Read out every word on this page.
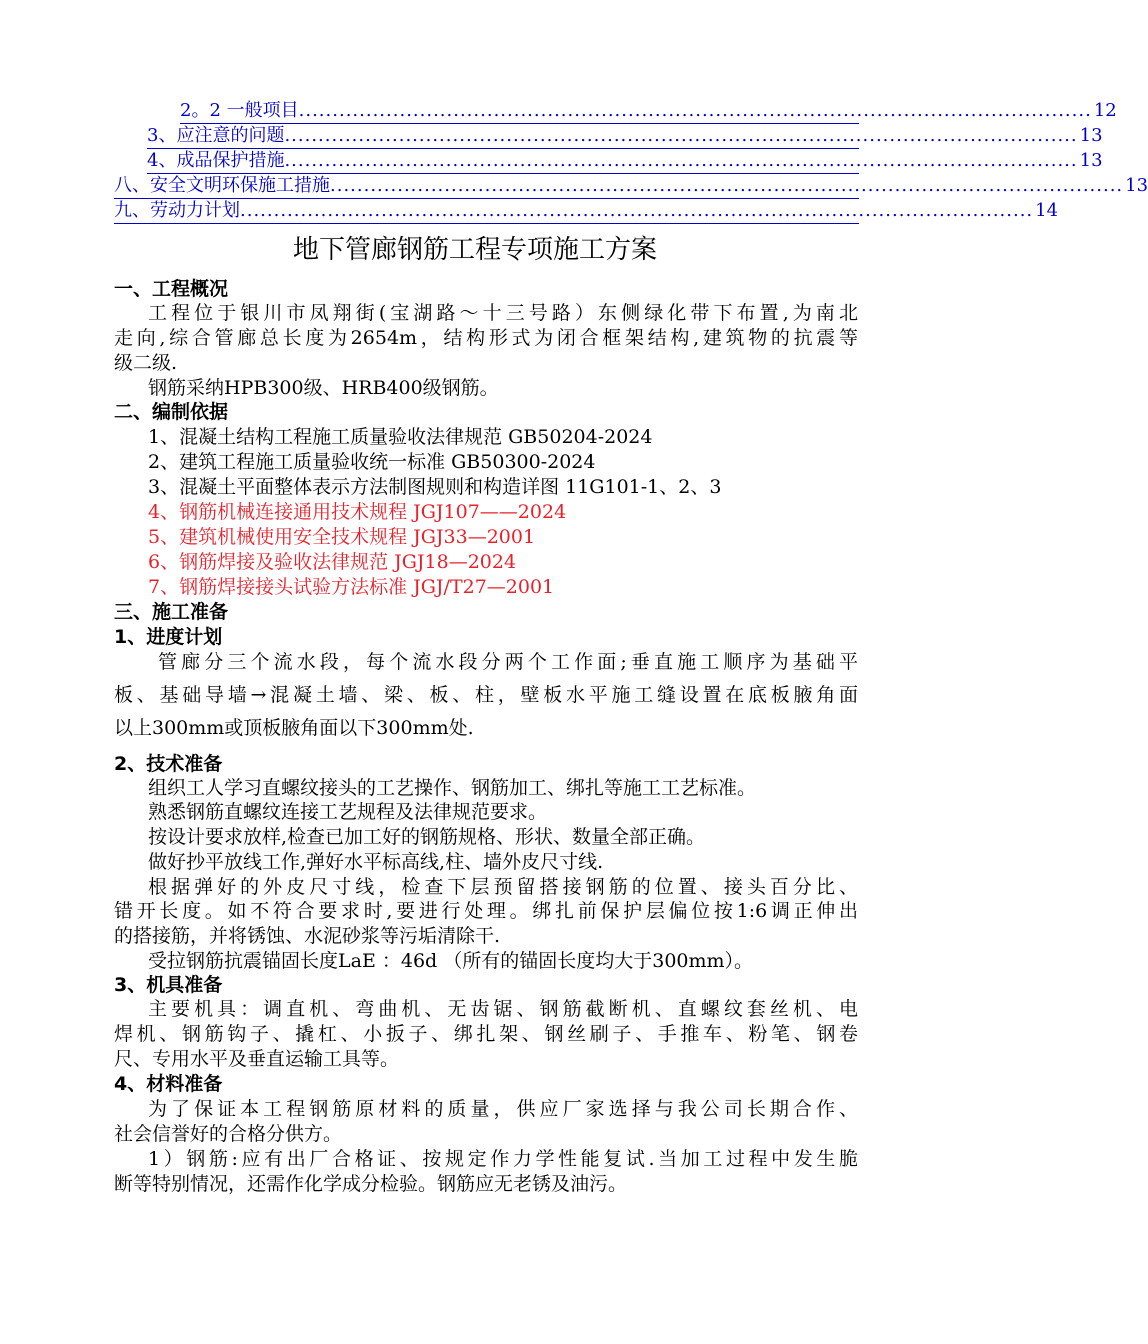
2。2 一般项目 ...................................................................................................................... 12
3、应注意的问题 ...................................................................................................................... 13
4、成品保护措施 ...................................................................................................................... 13
八、安全文明环保施工措施 ...................................................................................................................... 13
九、劳动力计划 ...................................................................................................................... 14
地下管廊钢筋工程专项施工方案
一、工程概况
工程位于银川市凤翔街(宝湖路～十三号路）东侧绿化带下布置,为南北
走向,综合管廊总长度为2654m，结构形式为闭合框架结构,建筑物的抗震等
级二级.
钢筋采纳HPB300级、HRB400级钢筋。
二、编制依据
1、混凝土结构工程施工质量验收法律规范 GB50204-2024
2、建筑工程施工质量验收统一标准 GB50300-2024
3、混凝土平面整体表示方法制图规则和构造详图 11G101-1、2、3
4、钢筋机械连接通用技术规程 JGJ107——2024
5、建筑机械使用安全技术规程 JGJ33—2001
6、钢筋焊接及验收法律规范 JGJ18—2024
7、钢筋焊接接头试验方法标准 JGJ/T27—2001
三、施工准备
1、进度计划
管廊分三个流水段，每个流水段分两个工作面;垂直施工顺序为基础平
板、基础导墙→混凝土墙、梁、板、柱，壁板水平施工缝设置在底板腋角面
以上300mm或顶板腋角面以下300mm处.
2、技术准备
组织工人学习直螺纹接头的工艺操作、钢筋加工、绑扎等施工工艺标准。
熟悉钢筋直螺纹连接工艺规程及法律规范要求。
按设计要求放样,检查已加工好的钢筋规格、形状、数量全部正确。
做好抄平放线工作,弹好水平标高线,柱、墙外皮尺寸线.
根据弹好的外皮尺寸线，检查下层预留搭接钢筋的位置、接头百分比、
错开长度。如不符合要求时,要进行处理。绑扎前保护层偏位按1:6调正伸出
的搭接筋，并将锈蚀、水泥砂浆等污垢清除干.
受拉钢筋抗震锚固长度LaE ：46d （所有的锚固长度均大于300mm）。
3、机具准备
主要机具：调直机、弯曲机、无齿锯、钢筋截断机、直螺纹套丝机、电
焊机、钢筋钩子、撬杠、小扳子、绑扎架、钢丝刷子、手推车、粉笔、钢卷
尺、专用水平及垂直运输工具等。
4、材料准备
为了保证本工程钢筋原材料的质量，供应厂家选择与我公司长期合作、
社会信誉好的合格分供方。
1）钢筋:应有出厂合格证、按规定作力学性能复试.当加工过程中发生脆
断等特别情况，还需作化学成分检验。钢筋应无老锈及油污。
